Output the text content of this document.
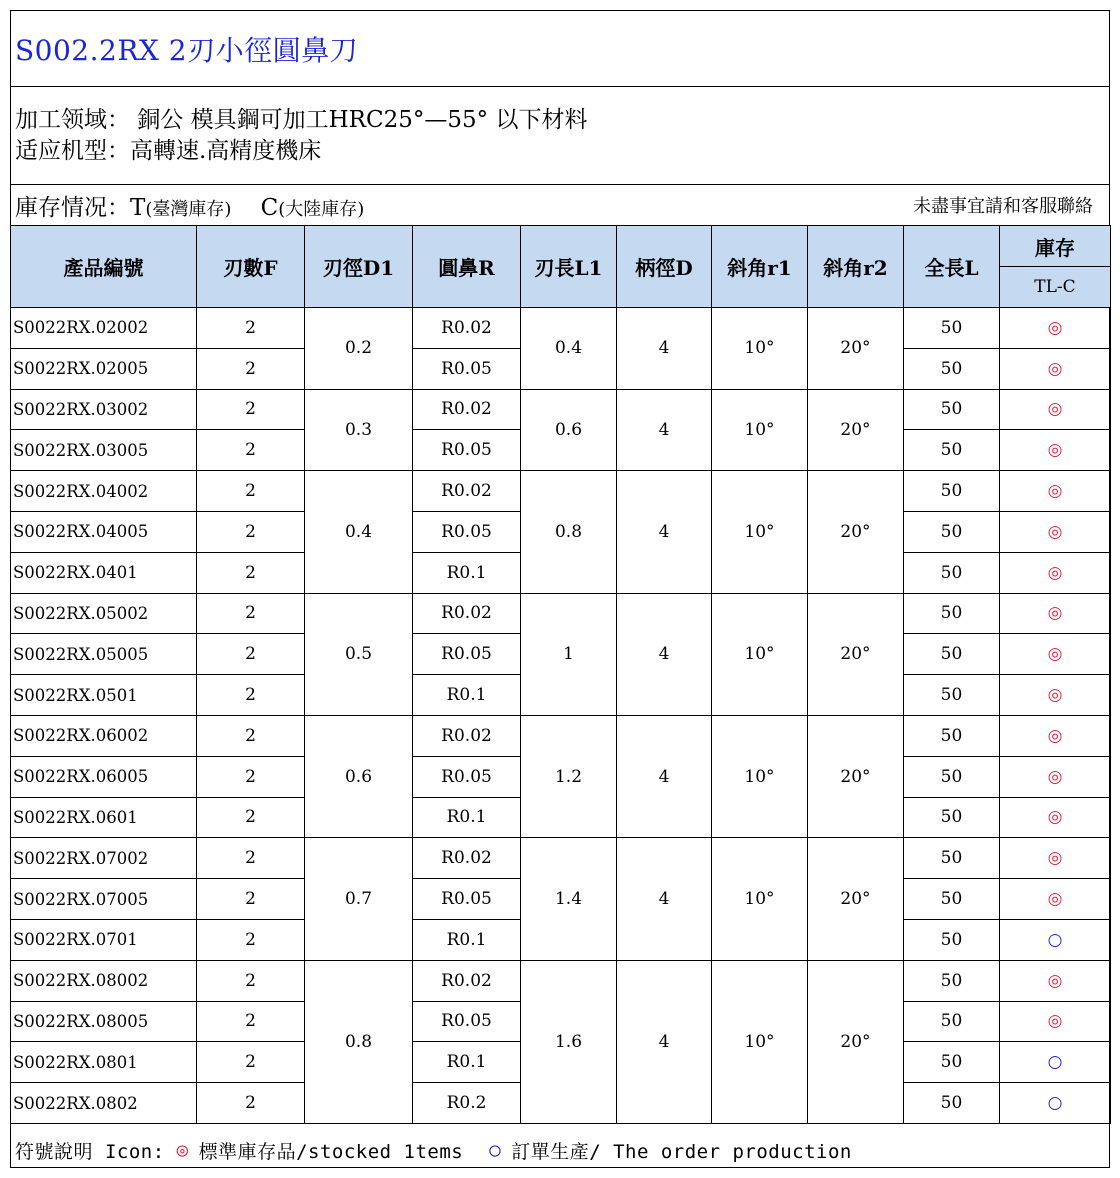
S002.2RX 2刃小徑圓鼻刀
加工领域： 銅公 模具鋼可加工HRC25°—55° 以下材料
适应机型：高轉速.高精度機床
庫存情况：T(臺灣庫存) C(大陸庫存)	未盡事宜請和客服聯絡
產品編號	刃數F	刃徑D1	圓鼻R	刃長L1	柄徑D	斜角r1	斜角r2	全長L	庫存
									TL-C
S0022RX.02002	2	0.2	R0.02	0.4	4	10°	20°	50	◎
S0022RX.02005	2		R0.05					50	◎
S0022RX.03002	2	0.3	R0.02	0.6	4	10°	20°	50	◎
S0022RX.03005	2		R0.05					50	◎
S0022RX.04002	2	0.4	R0.02	0.8	4	10°	20°	50	◎
S0022RX.04005	2		R0.05					50	◎
S0022RX.0401	2		R0.1					50	◎
S0022RX.05002	2	0.5	R0.02	1	4	10°	20°	50	◎
S0022RX.05005	2		R0.05					50	◎
S0022RX.0501	2		R0.1					50	◎
S0022RX.06002	2	0.6	R0.02	1.2	4	10°	20°	50	◎
S0022RX.06005	2		R0.05					50	◎
S0022RX.0601	2		R0.1					50	◎
S0022RX.07002	2	0.7	R0.02	1.4	4	10°	20°	50	◎
S0022RX.07005	2		R0.05					50	◎
S0022RX.0701	2		R0.1					50	○
S0022RX.08002	2	0.8	R0.02	1.6	4	10°	20°	50	◎
S0022RX.08005	2		R0.05					50	◎
S0022RX.0801	2		R0.1					50	○
S0022RX.0802	2		R0.2					50	○
符號說明 Icon: ◎ 標準庫存品/stocked 1tems ○ 訂單生產/ The order production
